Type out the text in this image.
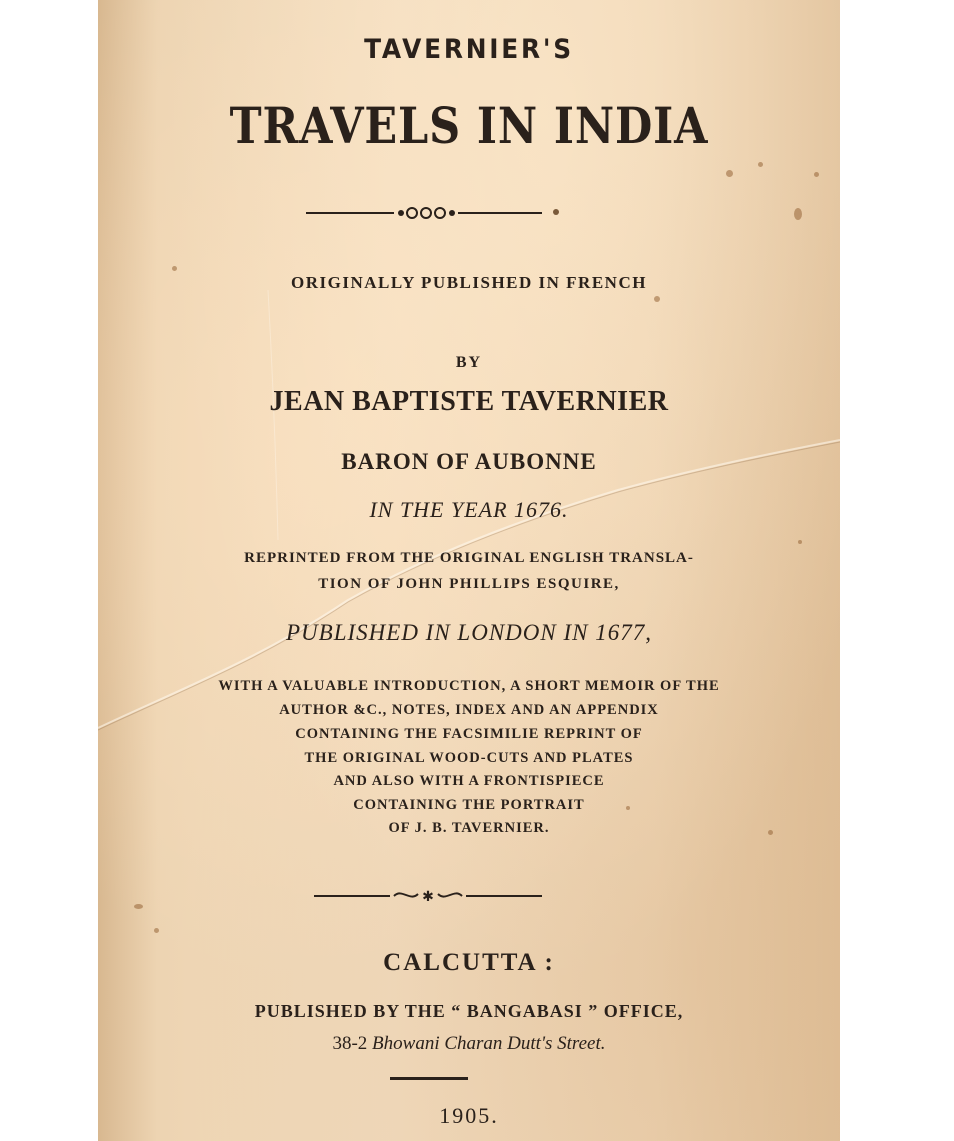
TAVERNIER'S
TRAVELS IN INDIA
ORIGINALLY PUBLISHED IN FRENCH
BY
JEAN BAPTISTE TAVERNIER
BARON OF AUBONNE
IN THE YEAR 1676.
REPRINTED FROM THE ORIGINAL ENGLISH TRANSLA-
TION OF JOHN PHILLIPS ESQUIRE,
PUBLISHED IN LONDON IN 1677,
WITH A VALUABLE INTRODUCTION, A SHORT MEMOIR OF THE
AUTHOR &C., NOTES, INDEX AND AN APPENDIX
CONTAINING THE FACSIMILIE REPRINT OF
THE ORIGINAL WOOD-CUTS AND PLATES
AND ALSO WITH A FRONTISPIECE
CONTAINING THE PORTRAIT
OF J. B. TAVERNIER.
✱
CALCUTTA :
PUBLISHED BY THE “ BANGABASI ” OFFICE,
38-2 Bhowani Charan Dutt's Street.
1905.
